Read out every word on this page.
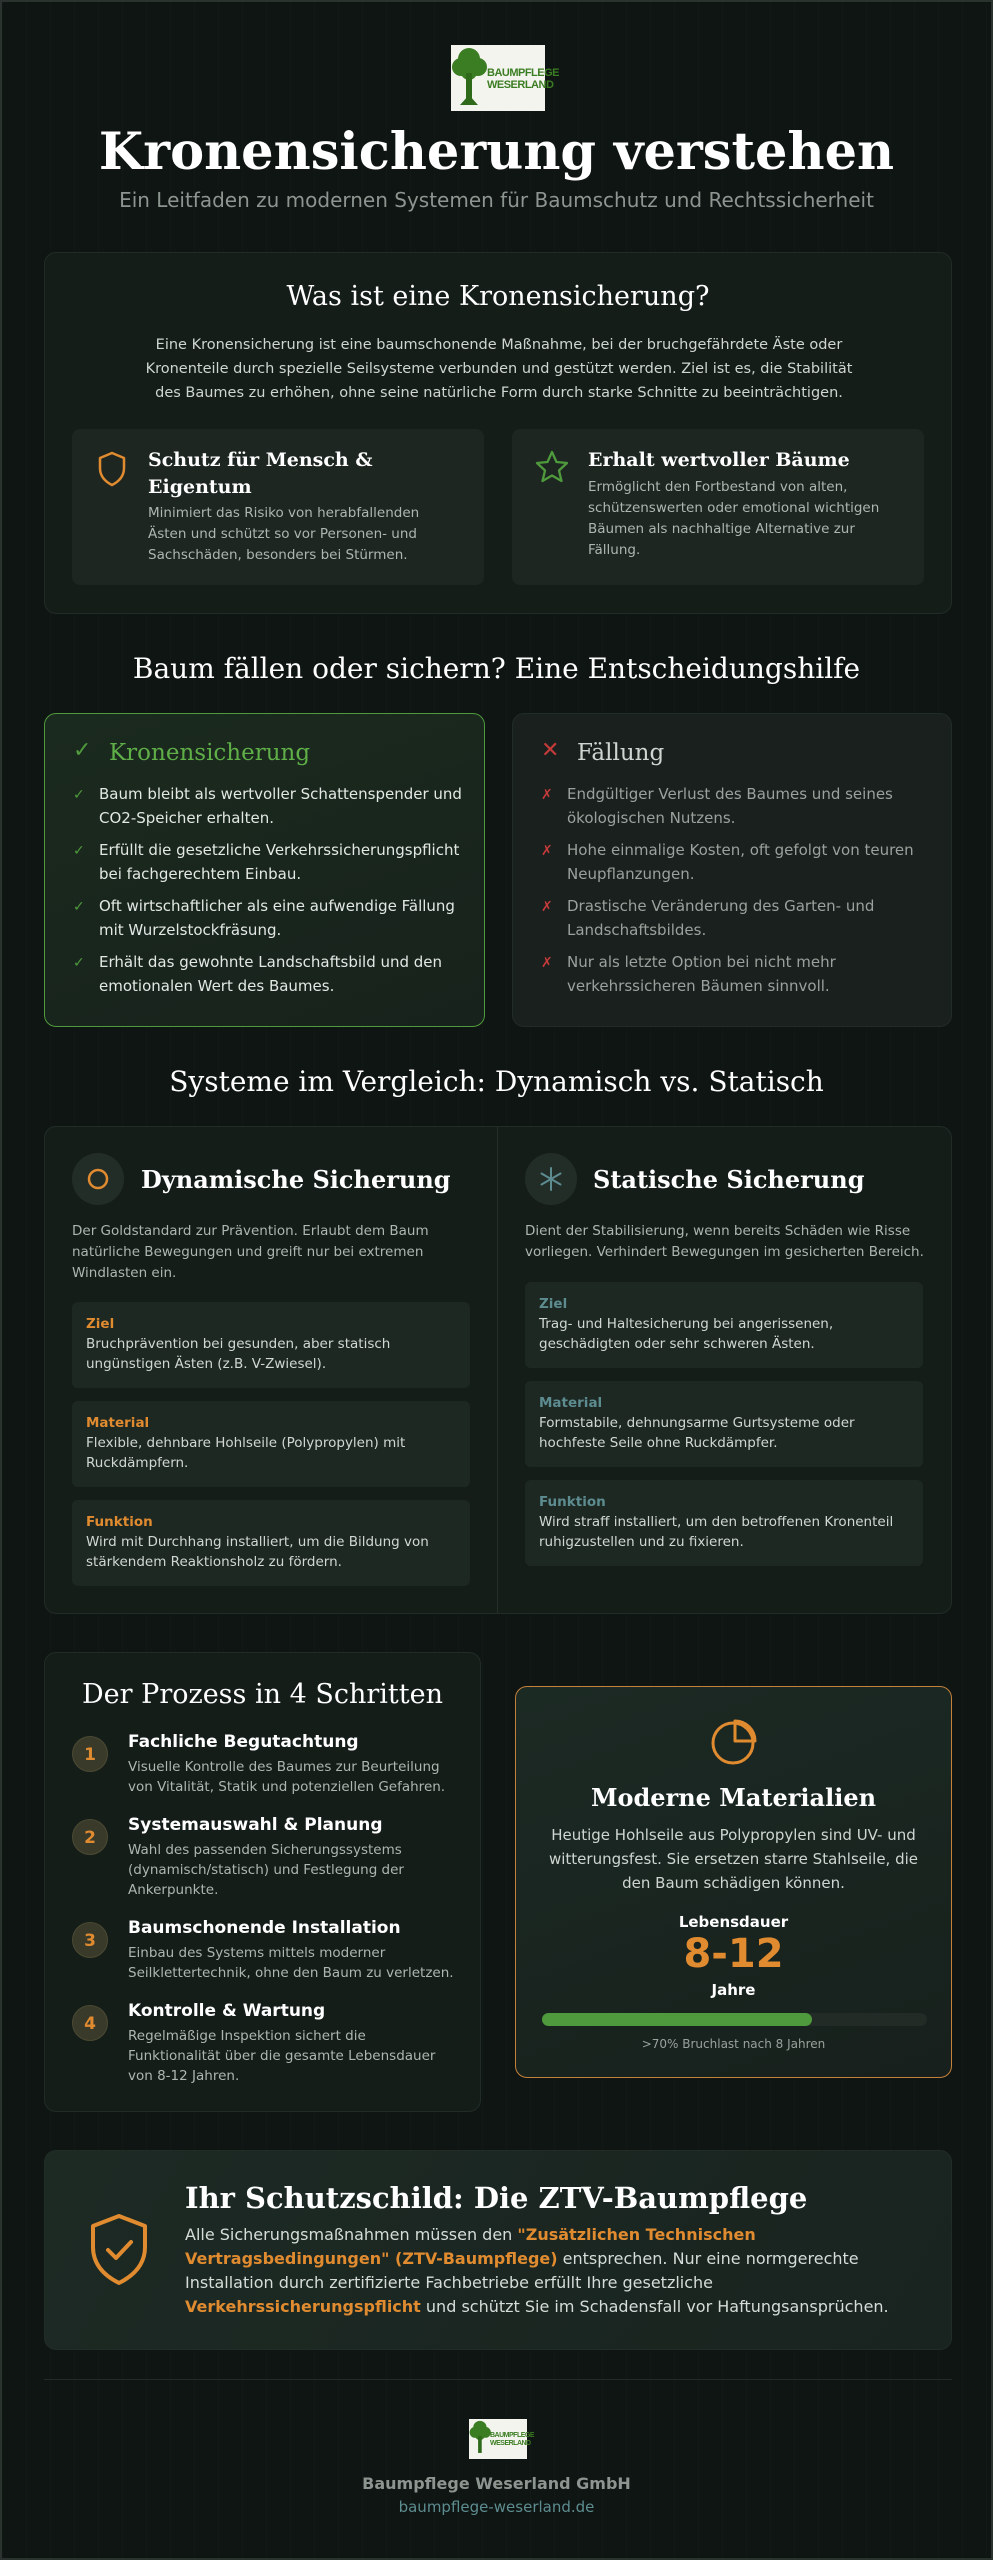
BAUMPFLEGE WESERLAND
Kronensicherung verstehen
Ein Leitfaden zu modernen Systemen für Baumschutz und Rechtssicherheit
Was ist eine Kronensicherung?
Eine Kronensicherung ist eine baumschonende Maßnahme, bei der bruchgefährdete Äste oder Kronenteile durch spezielle Seilsysteme verbunden und gestützt werden. Ziel ist es, die Stabilität des Baumes zu erhöhen, ohne seine natürliche Form durch starke Schnitte zu beeinträchtigen.
Schutz für Mensch & Eigentum
Minimiert das Risiko von herabfallenden Ästen und schützt so vor Personen- und Sachschäden, besonders bei Stürmen.
Erhalt wertvoller Bäume
Ermöglicht den Fortbestand von alten, schützenswerten oder emotional wichtigen Bäumen als nachhaltige Alternative zur Fällung.
Baum fällen oder sichern? Eine Entscheidungshilfe
✓ Kronensicherung
✓ Baum bleibt als wertvoller Schattenspender und CO2-Speicher erhalten.
✓ Erfüllt die gesetzliche Verkehrssicherungspflicht bei fachgerechtem Einbau.
✓ Oft wirtschaftlicher als eine aufwendige Fällung mit Wurzelstockfräsung.
✓ Erhält das gewohnte Landschaftsbild und den emotionalen Wert des Baumes.
✕ Fällung
✗ Endgültiger Verlust des Baumes und seines ökologischen Nutzens.
✗ Hohe einmalige Kosten, oft gefolgt von teuren Neupflanzungen.
✗ Drastische Veränderung des Garten- und Landschaftsbildes.
✗ Nur als letzte Option bei nicht mehr verkehrssicheren Bäumen sinnvoll.
Systeme im Vergleich: Dynamisch vs. Statisch
Dynamische Sicherung
Der Goldstandard zur Prävention. Erlaubt dem Baum natürliche Bewegungen und greift nur bei extremen Windlasten ein.
Ziel
Bruchprävention bei gesunden, aber statisch ungünstigen Ästen (z.B. V-Zwiesel).
Material
Flexible, dehnbare Hohlseile (Polypropylen) mit Ruckdämpfern.
Funktion
Wird mit Durchhang installiert, um die Bildung von stärkendem Reaktionsholz zu fördern.
Statische Sicherung
Dient der Stabilisierung, wenn bereits Schäden wie Risse vorliegen. Verhindert Bewegungen im gesicherten Bereich.
Ziel
Trag- und Haltesicherung bei angerissenen, geschädigten oder sehr schweren Ästen.
Material
Formstabile, dehnungsarme Gurtsysteme oder hochfeste Seile ohne Ruckdämpfer.
Funktion
Wird straff installiert, um den betroffenen Kronenteil ruhigzustellen und zu fixieren.
Der Prozess in 4 Schritten
1
Fachliche Begutachtung
Visuelle Kontrolle des Baumes zur Beurteilung von Vitalität, Statik und potenziellen Gefahren.
2
Systemauswahl & Planung
Wahl des passenden Sicherungssystems (dynamisch/statisch) und Festlegung der Ankerpunkte.
3
Baumschonende Installation
Einbau des Systems mittels moderner Seilklettertechnik, ohne den Baum zu verletzen.
4
Kontrolle & Wartung
Regelmäßige Inspektion sichert die Funktionalität über die gesamte Lebensdauer von 8-12 Jahren.
Moderne Materialien
Heutige Hohlseile aus Polypropylen sind UV- und witterungsfest. Sie ersetzen starre Stahlseile, die den Baum schädigen können.
Lebensdauer
8-12
Jahre
>70% Bruchlast nach 8 Jahren
Ihr Schutzschild: Die ZTV-Baumpflege
Alle Sicherungsmaßnahmen müssen den "Zusätzlichen Technischen Vertragsbedingungen" (ZTV-Baumpflege) entsprechen. Nur eine normgerechte Installation durch zertifizierte Fachbetriebe erfüllt Ihre gesetzliche Verkehrssicherungspflicht und schützt Sie im Schadensfall vor Haftungsansprüchen.
BAUMPFLEGE WESERLAND
Baumpflege Weserland GmbH
baumpflege-weserland.de
